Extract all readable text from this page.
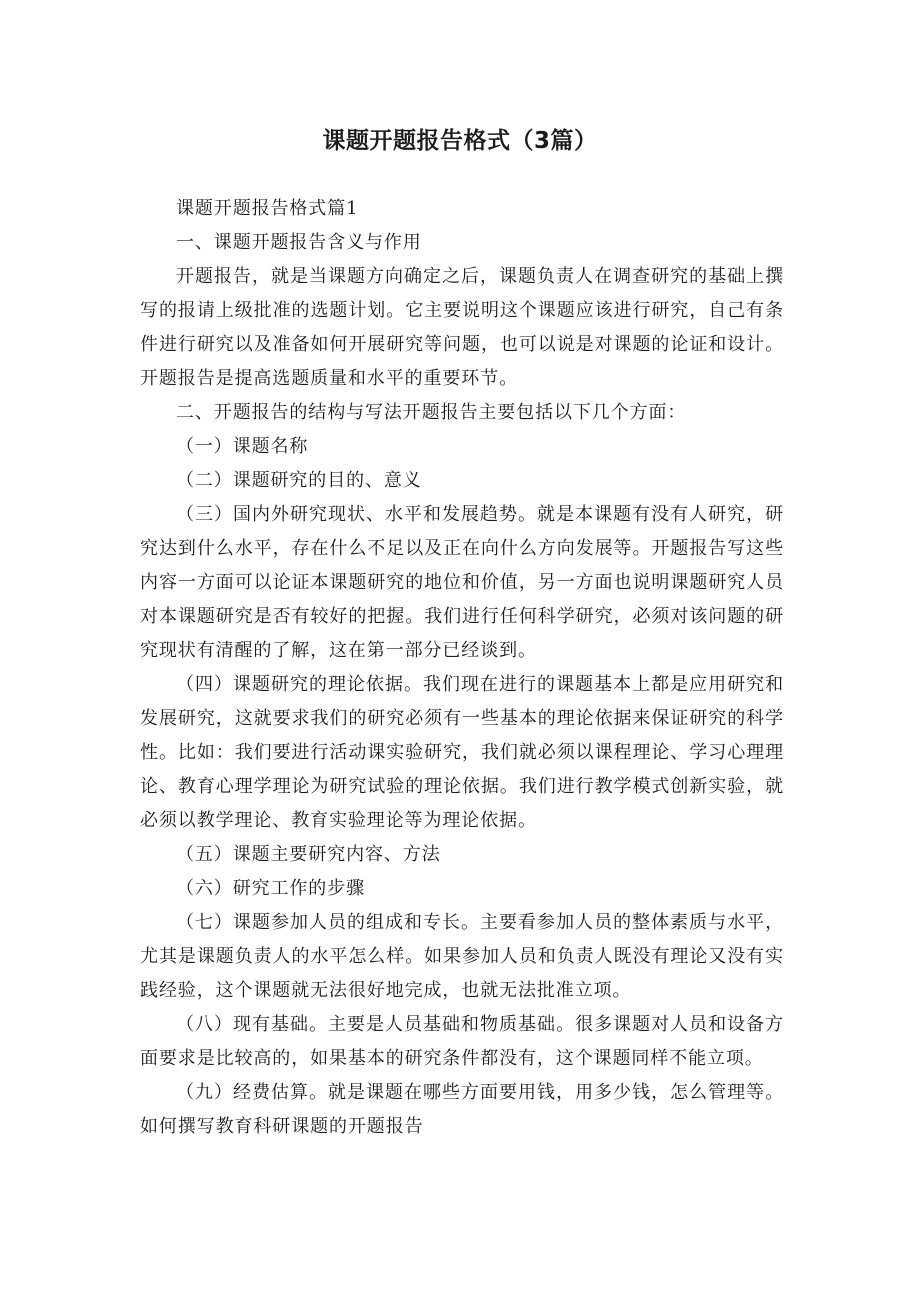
课题开题报告格式（3篇）

课题开题报告格式篇1

一、课题开题报告含义与作用

开题报告，就是当课题方向确定之后，课题负责人在调查研究的基础上撰写的报请上级批准的选题计划。它主要说明这个课题应该进行研究，自己有条件进行研究以及准备如何开展研究等问题，也可以说是对课题的论证和设计。开题报告是提高选题质量和水平的重要环节。

二、开题报告的结构与写法开题报告主要包括以下几个方面：

（一）课题名称

（二）课题研究的目的、意义

（三）国内外研究现状、水平和发展趋势。就是本课题有没有人研究，研究达到什么水平，存在什么不足以及正在向什么方向发展等。开题报告写这些内容一方面可以论证本课题研究的地位和价值，另一方面也说明课题研究人员对本课题研究是否有较好的把握。我们进行任何科学研究，必须对该问题的研究现状有清醒的了解，这在第一部分已经谈到。

（四）课题研究的理论依据。我们现在进行的课题基本上都是应用研究和发展研究，这就要求我们的研究必须有一些基本的理论依据来保证研究的科学性。比如：我们要进行活动课实验研究，我们就必须以课程理论、学习心理理论、教育心理学理论为研究试验的理论依据。我们进行教学模式创新实验，就必须以教学理论、教育实验理论等为理论依据。

（五）课题主要研究内容、方法

（六）研究工作的步骤

（七）课题参加人员的组成和专长。主要看参加人员的整体素质与水平，尤其是课题负责人的水平怎么样。如果参加人员和负责人既没有理论又没有实践经验，这个课题就无法很好地完成，也就无法批准立项。

（八）现有基础。主要是人员基础和物质基础。很多课题对人员和设备方面要求是比较高的，如果基本的研究条件都没有，这个课题同样不能立项。

（九）经费估算。就是课题在哪些方面要用钱，用多少钱，怎么管理等。如何撰写教育科研课题的开题报告
